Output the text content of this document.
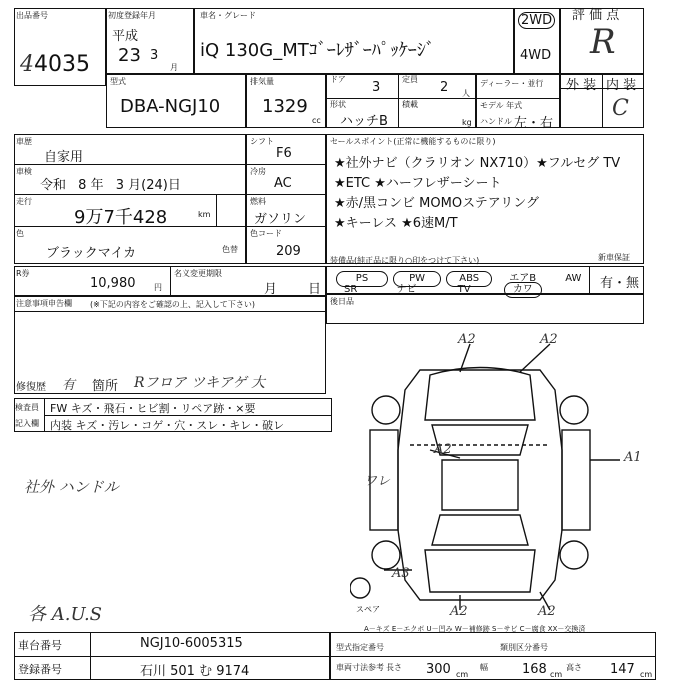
出品番号
44035
初度登録年月
平成
23 3
月
車名・グレード
iQ 130G_MTｺﾞｰﾚｻﾞｰﾊﾟｯｹｰｼﾞ
2WD
4WD
評 価 点
R
外 装 内 装
C
型式
DBA-NGJ10
排気量
1329
cc
ドア
3
定員
2 人
形状
ハッチB
積載
kg
ディーラー・並行
モデル 年式
ハンドル 左・右
車歴
自家用
車検
令和 8 年 3 月(24)日
走行
9万7千428	km
色
ブラックマイカ	色替
シフト
F6
冷房
AC
燃料
ガソリン
色コード
209
セールスポイント(正常に機能するものに限り)
★社外ナビ（クラリオン NX710）★フルセグ TV
★ETC ★ハーフレザーシート
★赤/黒コンビ MOMOステアリング
★キーレス ★6速M/T
R券
10,980 円
名义変更期限
月 日
注意事項申告欄 (※下記の内容をご確認の上、記入して下さい)
修復歴 有 箇所 Rフロア ツキアゲ 大
装備品(純正品に限り○印をつけて下さい)
PS	PW	ABS	エアB	AW
SR	ナビ	TV	カワ
新車保証
有・無
後日品
検査員
記入欄
FW キズ・飛石・ヒビ割・リペア跡・×要
内装 キズ・汚レ・コゲ・穴・スレ・キレ・破レ
社外 ハンドル
各 A.U.S
A2	A2
A2
A1
ワレ
A3
A2	A2
スペア
A－キズ E－エクボ U－凹み W－補修跡 S－サビ C－腐食 XX－交換済
車台番号	NGJ10-6005315
登録番号	石川 501 む 9174
型式指定番号	類別区分番号
車両寸法参考 長さ 300 cm
幅	168 cm
高さ 147 cm
